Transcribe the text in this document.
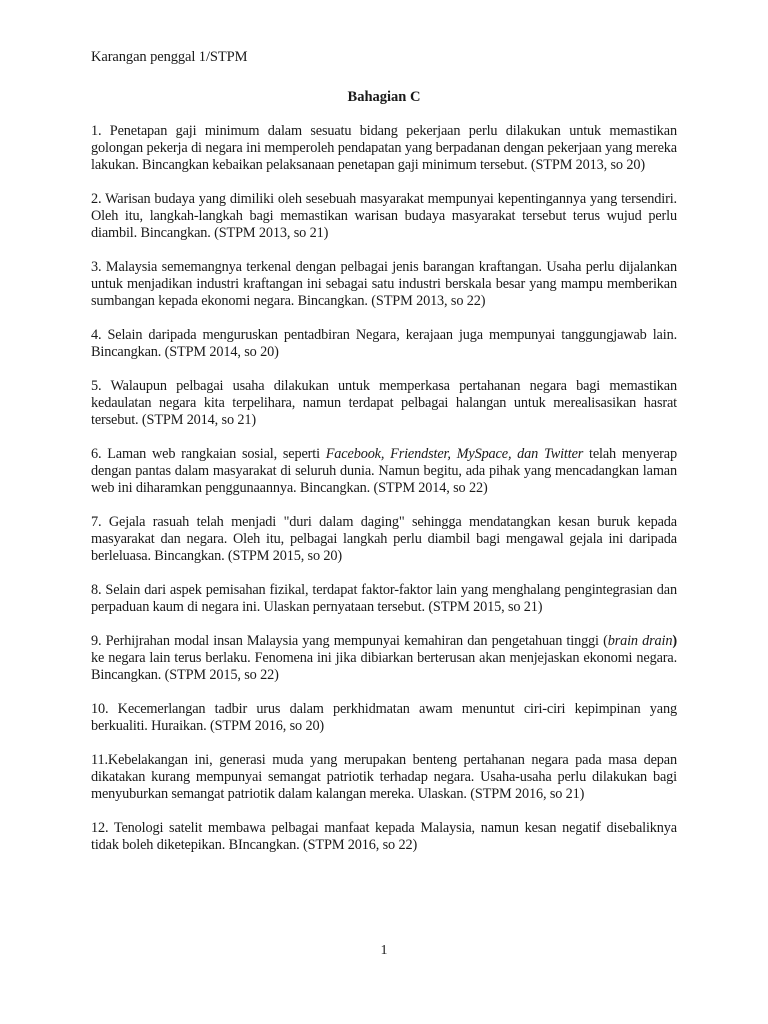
Karangan penggal 1/STPM
Bahagian C

1. Penetapan gaji minimum dalam sesuatu bidang pekerjaan perlu dilakukan untuk memastikan golongan pekerja di negara ini memperoleh pendapatan yang berpadanan dengan pekerjaan yang mereka lakukan. Bincangkan kebaikan pelaksanaan penetapan gaji minimum tersebut. (STPM 2013, so 20)

2. Warisan budaya yang dimiliki oleh sesebuah masyarakat mempunyai kepentingannya yang tersendiri. Oleh itu, langkah-langkah bagi memastikan warisan budaya masyarakat tersebut terus wujud perlu diambil. Bincangkan. (STPM 2013, so 21)

3. Malaysia sememangnya terkenal dengan pelbagai jenis barangan kraftangan. Usaha perlu dijalankan untuk menjadikan industri kraftangan ini sebagai satu industri berskala besar yang mampu memberikan sumbangan kepada ekonomi negara. Bincangkan. (STPM 2013, so 22)

4. Selain daripada menguruskan pentadbiran Negara, kerajaan juga mempunyai tanggungjawab lain. Bincangkan. (STPM 2014, so 20)

5. Walaupun pelbagai usaha dilakukan untuk memperkasa pertahanan negara bagi memastikan kedaulatan negara kita terpelihara, namun terdapat pelbagai halangan untuk merealisasikan hasrat tersebut. (STPM 2014, so 21)

6. Laman web rangkaian sosial, seperti Facebook, Friendster, MySpace, dan Twitter telah menyerap dengan pantas dalam masyarakat di seluruh dunia. Namun begitu, ada pihak yang mencadangkan laman web ini diharamkan penggunaannya. Bincangkan. (STPM 2014, so 22)

7. Gejala rasuah telah menjadi "duri dalam daging" sehingga mendatangkan kesan buruk kepada masyarakat dan negara. Oleh itu, pelbagai langkah perlu diambil bagi mengawal gejala ini daripada berleluasa. Bincangkan. (STPM 2015, so 20)

8. Selain dari aspek pemisahan fizikal, terdapat faktor-faktor lain yang menghalang pengintegrasian dan perpaduan kaum di negara ini. Ulaskan pernyataan tersebut. (STPM 2015, so 21)

9. Perhijrahan modal insan Malaysia yang mempunyai kemahiran dan pengetahuan tinggi (brain drain) ke negara lain terus berlaku. Fenomena ini jika dibiarkan berterusan akan menjejaskan ekonomi negara. Bincangkan. (STPM 2015, so 22)

10. Kecemerlangan tadbir urus dalam perkhidmatan awam menuntut ciri-ciri kepimpinan yang berkualiti. Huraikan. (STPM 2016, so 20)

11.Kebelakangan ini, generasi muda yang merupakan benteng pertahanan negara pada masa depan dikatakan kurang mempunyai semangat patriotik terhadap negara. Usaha-usaha perlu dilakukan bagi menyuburkan semangat patriotik dalam kalangan mereka. Ulaskan. (STPM 2016, so 21)

12. Tenologi satelit membawa pelbagai manfaat kepada Malaysia, namun kesan negatif disebaliknya tidak boleh diketepikan. BIncangkan. (STPM 2016, so 22)

1
